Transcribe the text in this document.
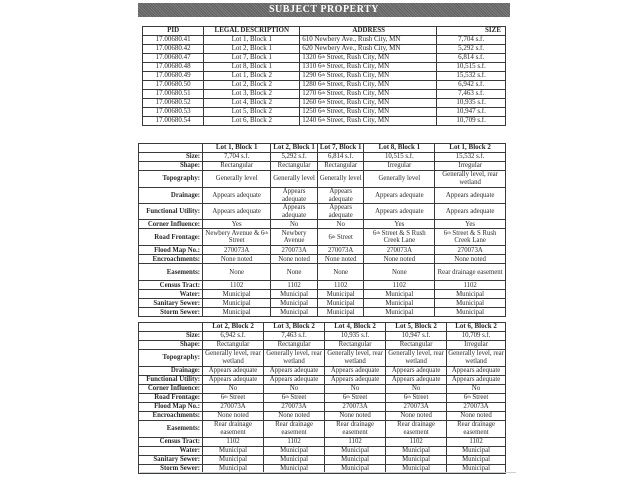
SUBJECT PROPERTY
PID	LEGAL DESCRIPTION	ADDRESS	SIZE
17.00680.41	Lot 1, Block 1	610 Newbery Ave., Rush City, MN	7,704 s.f.
17.00680.42	Lot 2, Block 1	620 Newbery Ave., Rush City, MN	5,292 s.f.
17.00680.47	Lot 7, Block 1	1320 6th Street, Rush City, MN	6,814 s.f.
17.00680.48	Lot 8, Block 1	1310 6th Street, Rush City, MN	10,515 s.f.
17.00680.49	Lot 1, Block 2	1290 6th Street, Rush City, MN	15,532 s.f.
17.00680.50	Lot 2, Block 2	1280 6th Street, Rush City, MN	6,942 s.f.
17.00680.51	Lot 3, Block 2	1270 6th Street, Rush City, MN	7,463 s.f.
17.00680.52	Lot 4, Block 2	1260 6th Street, Rush City, MN	10,935 s.f.
17.00680.53	Lot 5, Block 2	1250 6th Street, Rush City, MN	10,947 s.f.
17.00680.54	Lot 6, Block 2	1240 6th Street, Rush City, MN	10,709 s.f.
	Lot 1, Block 1	Lot 2, Block 1	Lot 7, Block 1	Lot 8, Block 1	Lot 1, Block 2
Size:	7,704 s.f.	5,292 s.f.	6,814 s.f.	10,515 s.f.	15,532 s.f.
Shape:	Rectangular	Rectangular	Rectangular	Irregular	Irregular
Topography:	Generally level	Generally level	Generally level	Generally level	Generally level, rear wetland
Drainage:	Appears adequate	Appears adequate	Appears adequate	Appears adequate	Appears adequate
Functional Utility:	Appears adequate	Appears adequate	Appears adequate	Appears adequate	Appears adequate
Corner Influence:	Yes	No	No	Yes	Yes
Road Frontage:	Newbery Avenue & 6th Street	Newbery Avenue	6th Street	6th Street & S Rush Creek Lane	6th Street & S Rush Creek Lane
Flood Map No.:	270073A	270073A	270073A	270073A	270073A
Encroachments:	None noted	None noted	None noted	None noted	None noted
Easements:	None	None	None	None	Rear drainage easement
Census Tract:	1102	1102	1102	1102	1102
Water:	Municipal	Municipal	Municipal	Municipal	Municipal
Sanitary Sewer:	Municipal	Municipal	Municipal	Municipal	Municipal
Storm Sewer:	Municipal	Municipal	Municipal	Municipal	Municipal
	Lot 2, Block 2	Lot 3, Block 2	Lot 4, Block 2	Lot 5, Block 2	Lot 6, Block 2
Size:	6,942 s.f.	7,463 s.f.	10,935 s.f.	10,947 s.f.	10,709 s.f.
Shape:	Rectangular	Rectangular	Rectangular	Rectangular	Irregular
Topography:	Generally level, rear wetland	Generally level, rear wetland	Generally level, rear wetland	Generally level, rear wetland	Generally level, rear wetland
Drainage:	Appears adequate	Appears adequate	Appears adequate	Appears adequate	Appears adequate
Functional Utility:	Appears adequate	Appears adequate	Appears adequate	Appears adequate	Appears adequate
Corner Influence:	No	No	No	No	No
Road Frontage:	6th Street	6th Street	6th Street	6th Street	6th Street
Flood Map No.:	270073A	270073A	270073A	270073A	270073A
Encroachments:	None noted	None noted	None noted	None noted	None noted
Easements:	Rear drainage easement	Rear drainage easement	Rear drainage easement	Rear drainage easement	Rear drainage easement
Census Tract:	1102	1102	1102	1102	1102
Water:	Municipal	Municipal	Municipal	Municipal	Municipal
Sanitary Sewer:	Municipal	Municipal	Municipal	Municipal	Municipal
Storm Sewer:	Municipal	Municipal	Municipal	Municipal	Municipal
